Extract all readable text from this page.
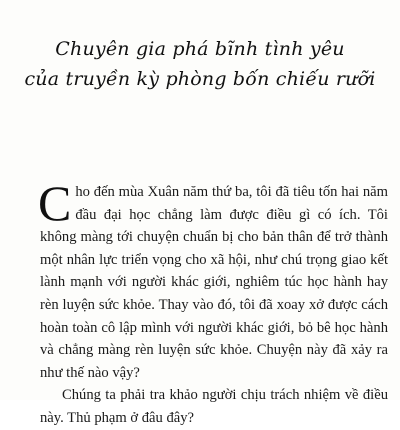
Chuyên gia phá bĩnh tình yêu
của truyền kỳ phòng bốn chiếu rưỡi

Cho đến mùa Xuân năm thứ ba, tôi đã tiêu tốn hai năm đầu đại học chẳng làm được điều gì có ích. Tôi không màng tới chuyện chuẩn bị cho bản thân để trở thành một nhân lực triển vọng cho xã hội, như chú trọng giao kết lành mạnh với người khác giới, nghiêm túc học hành hay rèn luyện sức khỏe. Thay vào đó, tôi đã xoay xở được cách hoàn toàn cô lập mình với người khác giới, bỏ bê học hành và chẳng màng rèn luyện sức khỏe. Chuyện này đã xảy ra như thế nào vậy?

Chúng ta phải tra khảo người chịu trách nhiệm về điều này. Thủ phạm ở đâu đây?
